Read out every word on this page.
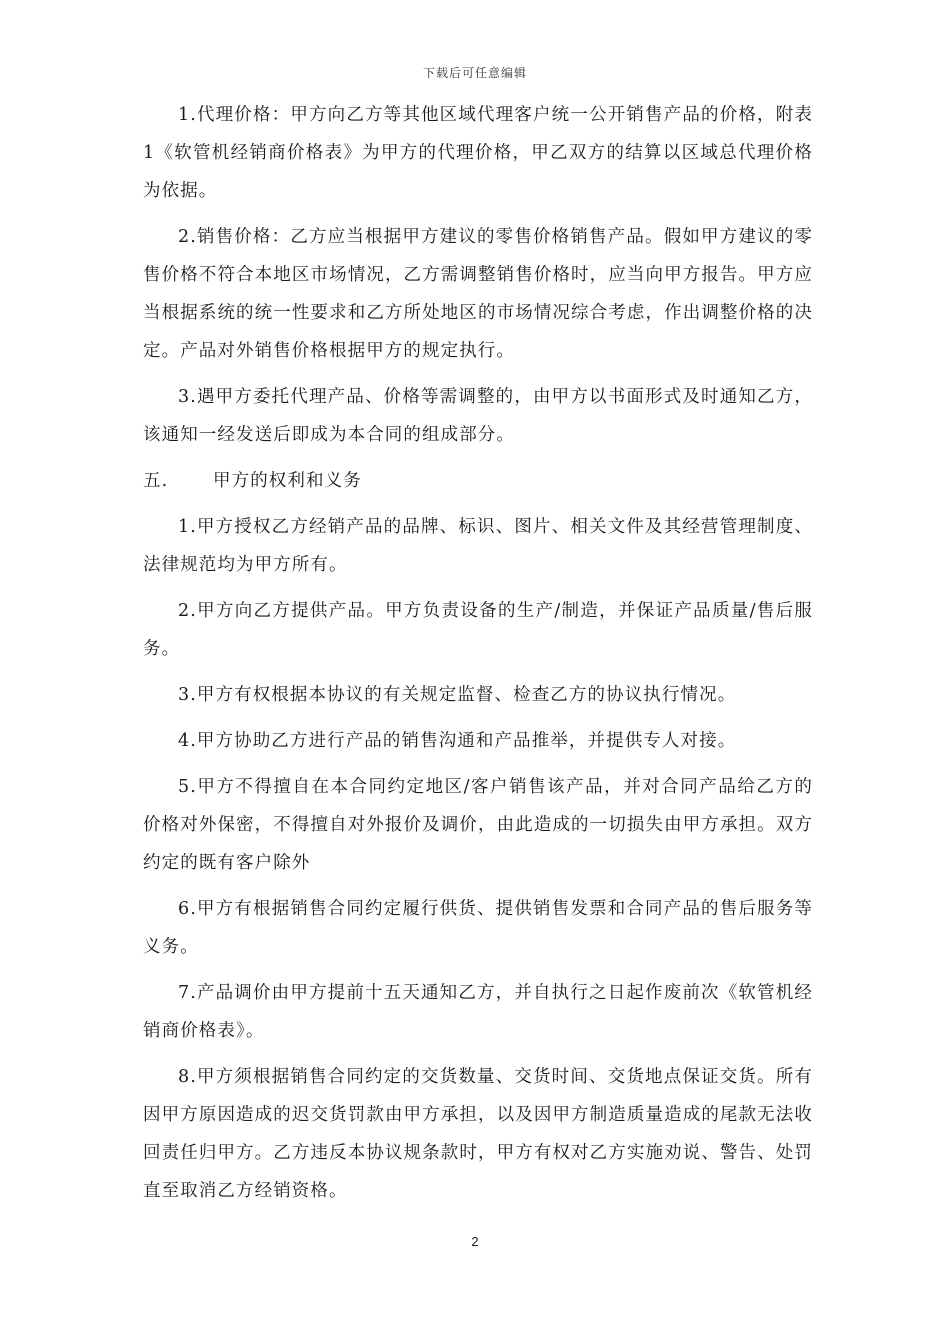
下载后可任意编辑

1.代理价格：甲方向乙方等其他区域代理客户统一公开销售产品的价格，附表1《软管机经销商价格表》为甲方的代理价格，甲乙双方的结算以区域总代理价格为依据。

2.销售价格：乙方应当根据甲方建议的零售价格销售产品。假如甲方建议的零售价格不符合本地区市场情况，乙方需调整销售价格时，应当向甲方报告。甲方应当根据系统的统一性要求和乙方所处地区的市场情况综合考虑，作出调整价格的决定。产品对外销售价格根据甲方的规定执行。

3.遇甲方委托代理产品、价格等需调整的，由甲方以书面形式及时通知乙方，该通知一经发送后即成为本合同的组成部分。

五.	甲方的权利和义务

1.甲方授权乙方经销产品的品牌、标识、图片、相关文件及其经营管理制度、法律规范均为甲方所有。

2.甲方向乙方提供产品。甲方负责设备的生产/制造，并保证产品质量/售后服务。

3.甲方有权根据本协议的有关规定监督、检查乙方的协议执行情况。

4.甲方协助乙方进行产品的销售沟通和产品推举，并提供专人对接。

5.甲方不得擅自在本合同约定地区/客户销售该产品，并对合同产品给乙方的价格对外保密，不得擅自对外报价及调价，由此造成的一切损失由甲方承担。双方约定的既有客户除外

6.甲方有根据销售合同约定履行供货、提供销售发票和合同产品的售后服务等义务。

7.产品调价由甲方提前十五天通知乙方，并自执行之日起作废前次《软管机经销商价格表》。

8.甲方须根据销售合同约定的交货数量、交货时间、交货地点保证交货。所有因甲方原因造成的迟交货罚款由甲方承担，以及因甲方制造质量造成的尾款无法收回责任归甲方。乙方违反本协议规条款时，甲方有权对乙方实施劝说、警告、处罚直至取消乙方经销资格。

2
